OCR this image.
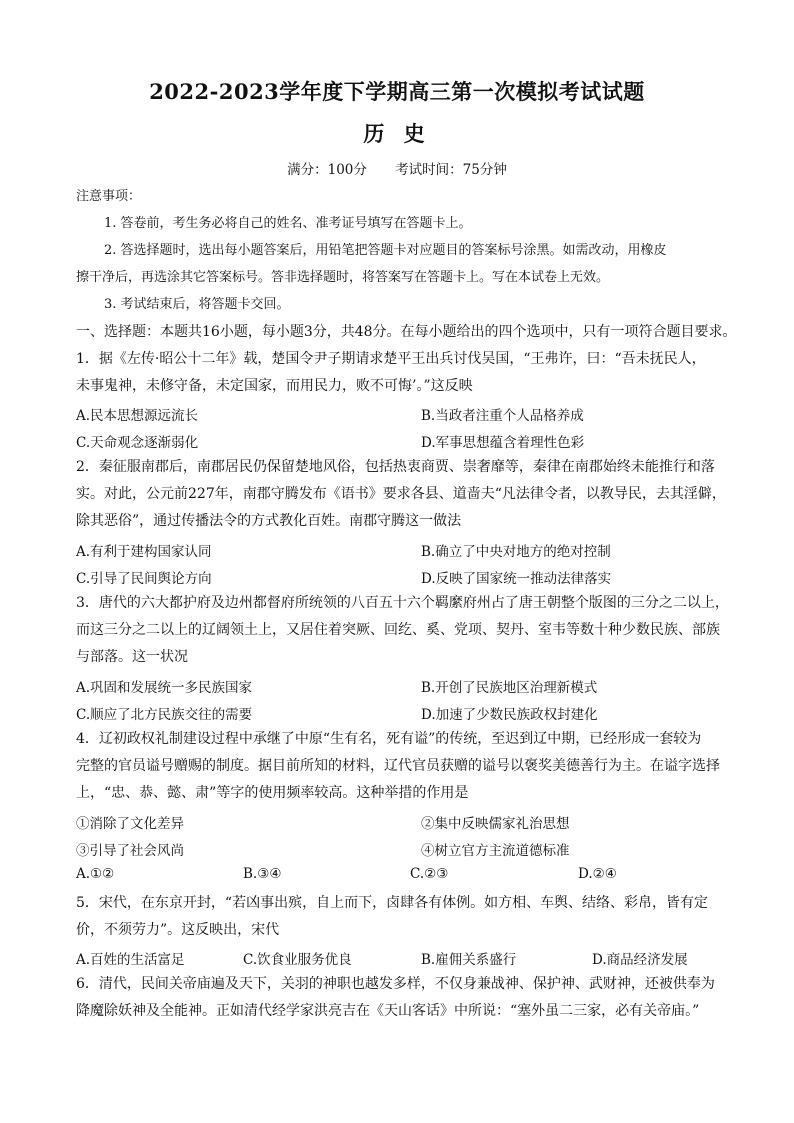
2022-2023学年度下学期高三第一次模拟考试试题
历 史
满分：100分 考试时间：75分钟
注意事项：
1. 答卷前，考生务必将自己的姓名、准考证号填写在答题卡上。
2. 答选择题时，选出每小题答案后，用铅笔把答题卡对应题目的答案标号涂黑。如需改动，用橡皮
擦干净后，再选涂其它答案标号。答非选择题时，将答案写在答题卡上。写在本试卷上无效。
3. 考试结束后，将答题卡交回。
一、选择题：本题共16小题，每小题3分，共48分。在每小题给出的四个选项中，只有一项符合题目要求。
1．据《左传·昭公十二年》载，楚国令尹子期请求楚平王出兵讨伐吴国，“王弗许，曰：“吾未抚民人，
未事鬼神，未修守备，未定国家，而用民力，败不可悔’。”这反映
A.民本思想源远流长	B.当政者注重个人品格养成
C.天命观念逐渐弱化	D.军事思想蕴含着理性色彩
2．秦征服南郡后，南郡居民仍保留楚地风俗，包括热衷商贾、崇奢靡等，秦律在南郡始终未能推行和落
实。对此，公元前227年，南郡守腾发布《语书》要求各县、道啬夫“凡法律令者，以教导民，去其淫僻，
除其恶俗”，通过传播法令的方式教化百姓。南郡守腾这一做法
A.有利于建构国家认同	B.确立了中央对地方的绝对控制
C.引导了民间舆论方向	D.反映了国家统一推动法律落实
3．唐代的六大都护府及边州都督府所统领的八百五十六个羁縻府州占了唐王朝整个版图的三分之二以上，
而这三分之二以上的辽阔领土上，又居住着突厥、回纥、奚、党项、契丹、室韦等数十种少数民族、部族
与部落。这一状况
A.巩固和发展统一多民族国家	B.开创了民族地区治理新模式
C.顺应了北方民族交往的需要	D.加速了少数民族政权封建化
4．辽初政权礼制建设过程中承继了中原“生有名，死有谥”的传统，至迟到辽中期，已经形成一套较为
完整的官员谥号赠赐的制度。据目前所知的材料，辽代官员获赠的谥号以褒奖美德善行为主。在谥字选择
上，“忠、恭、懿、肃”等字的使用频率较高。这种举措的作用是
①消除了文化差异	②集中反映儒家礼治思想
③引导了社会风尚	④树立官方主流道德标准
A.①②	B.③④	C.②③	D.②④
5．宋代，在东京开封，“若凶事出殡，自上而下，卤肆各有体例。如方相、车舆、结络、彩帛，皆有定
价，不须劳力”。这反映出，宋代
A.百姓的生活富足	C.饮食业服务优良	B.雇佣关系盛行	D.商品经济发展
6．清代，民间关帝庙遍及天下，关羽的神职也越发多样，不仅身兼战神、保护神、武财神，还被供奉为
降魔除妖神及全能神。正如清代经学家洪亮吉在《天山客话》中所说：“塞外虽二三家，必有关帝庙。”
